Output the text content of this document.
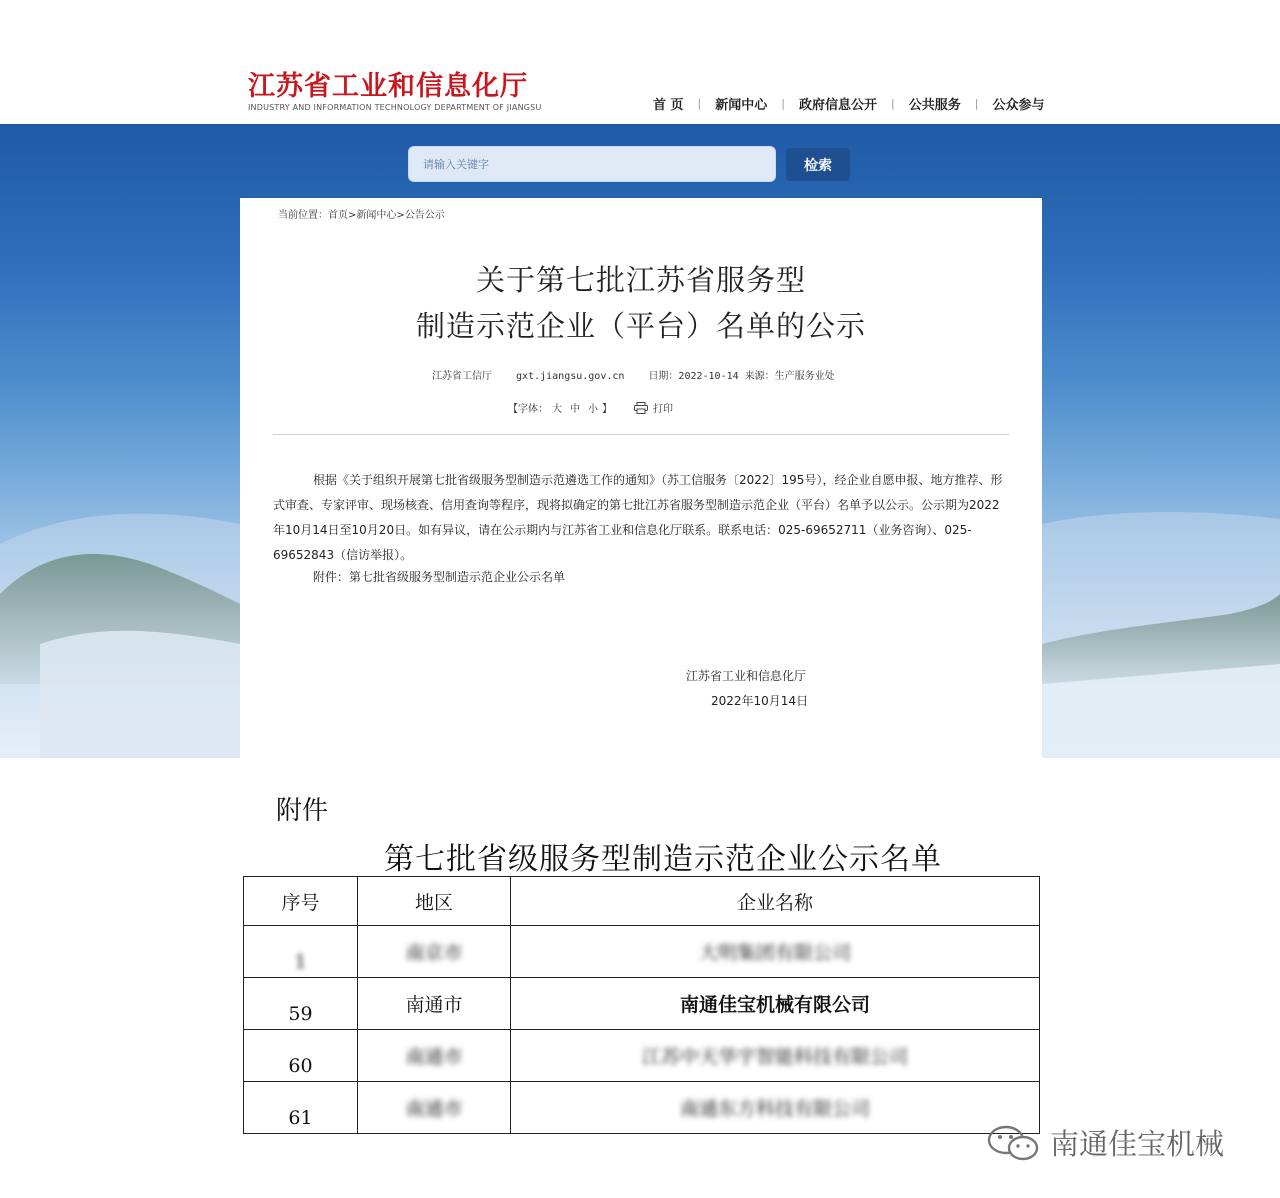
江苏省工业和信息化厅
INDUSTRY AND INFORMATION TECHNOLOGY DEPARTMENT OF JIANGSU	首 页	|	新闻中心	|	政府信息公开	|	公共服务	|	公众参与
请输入关键字
检索
当前位置：首页>新闻中心>公告公示
关于第七批江苏省服务型
制造示范企业（平台）名单的公示
江苏省工信厅 gxt.jiangsu.gov.cn 日期：2022-10-14 来源：生产服务业处
【字体： 大 中 小 】	打印

根据《关于组织开展第七批省级服务型制造示范遴选工作的通知》（苏工信服务〔2022〕195号），经企业自愿申报、地方推荐、形式审查、专家评审、现场核查、信用查询等程序，现将拟确定的第七批江苏省服务型制造示范企业（平台）名单予以公示。公示期为2022年10月14日至10月20日。如有异议，请在公示期内与江苏省工业和信息化厅联系。联系电话：025-69652711（业务咨询）、025-69652843（信访举报）。

附件：第七批省级服务型制造示范企业公示名单
江苏省工业和信息化厅
2022年10月14日
附件
第七批省级服务型制造示范企业公示名单
序号	地区	企业名称
1	南京市	大明集团有限公司
59	南通市	南通佳宝机械有限公司
60	南通市	江苏中天华宇智能科技有限公司
61	南通市	南通东方科技有限公司
南通佳宝机械
